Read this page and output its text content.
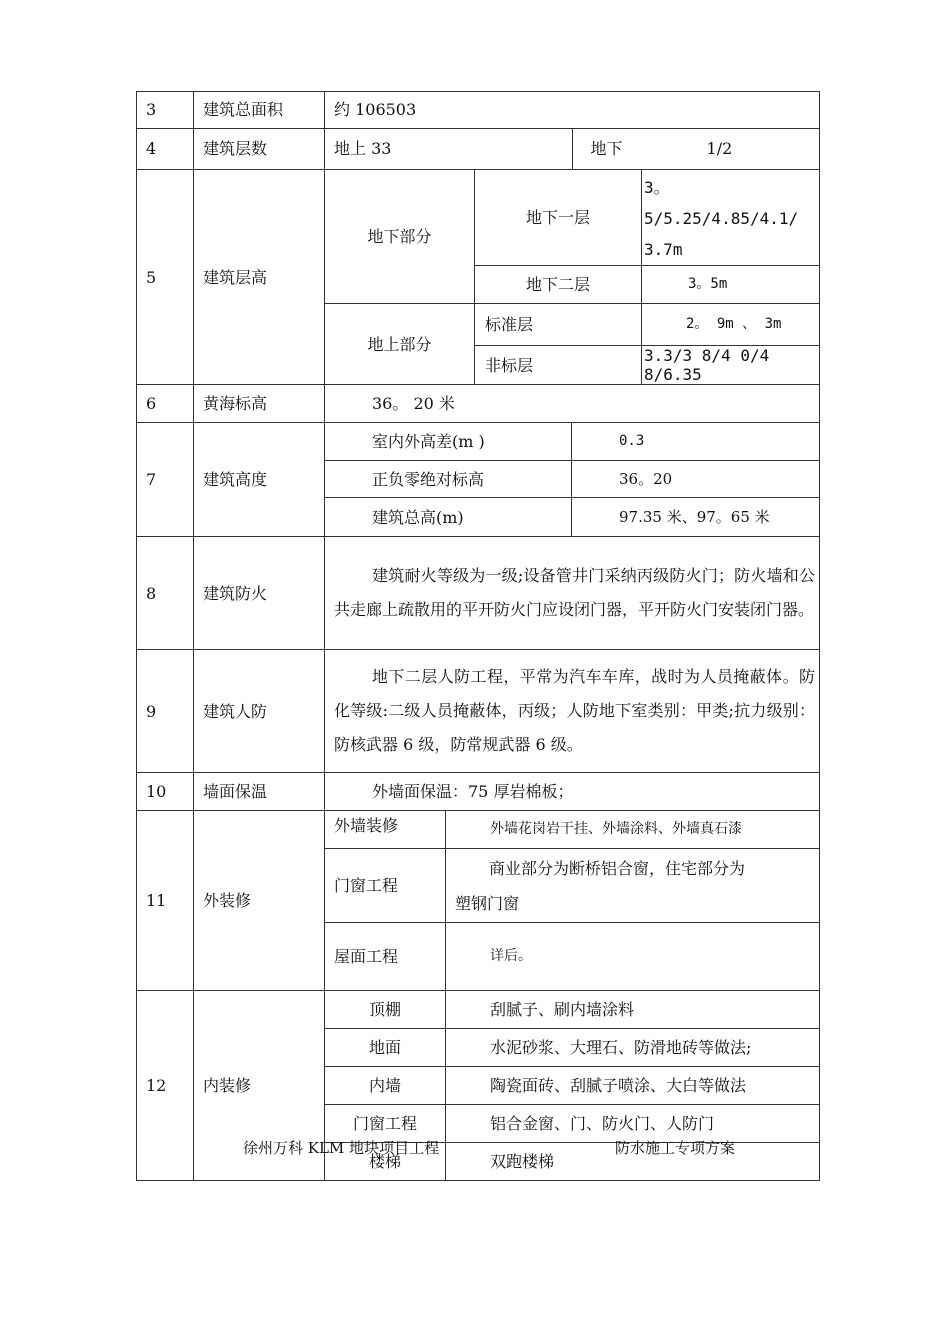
3	建筑总面积	约 106503
4	建筑层数		地上 33	地下	1/2

5	建筑层高	
地下部分	地下一层	3。5/5.25/4.85/4.1/
3.7m
地下二层	3。5m
地上部分	标准层	2。 9m 、 3m
非标层	3.3/3 8/4 0/4 8/6.35

6	黄海标高	36。 20 米
7	建筑高度	
室内外高差(m )	0.3
正负零绝对标高	36。20
建筑总高(m)	97.35 米、97。65 米

8	建筑防火	建筑耐火等级为一级;设备管井门采纳丙级防火门；防火墙和公共走廊上疏散用的平开防火门应设闭门器，平开防火门安装闭门器。
9	建筑人防	地下二层人防工程，平常为汽车车库，战时为人员掩蔽体。防化等级:二级人员掩蔽体，丙级；人防地下室类别：甲类;抗力级别：防核武器 6 级，防常规武器 6 级。
10	墙面保温	外墙面保温：75 厚岩棉板；
11	外装修	
外墙装修	外墙花岗岩干挂、外墙涂料、外墙真石漆
门窗工程	商业部分为断桥铝合窗，住宅部分为
塑钢门窗
屋面工程	详后。

12	内装修	
顶棚	刮腻子、刷内墙涂料
地面	水泥砂浆、大理石、防滑地砖等做法;
内墙	陶瓷面砖、刮腻子喷涂、大白等做法
门窗工程	铝合金窗、门、防火门、人防门
楼梯	双跑楼梯
徐州万科 KLM 地块项目工程	防水施工专项方案
